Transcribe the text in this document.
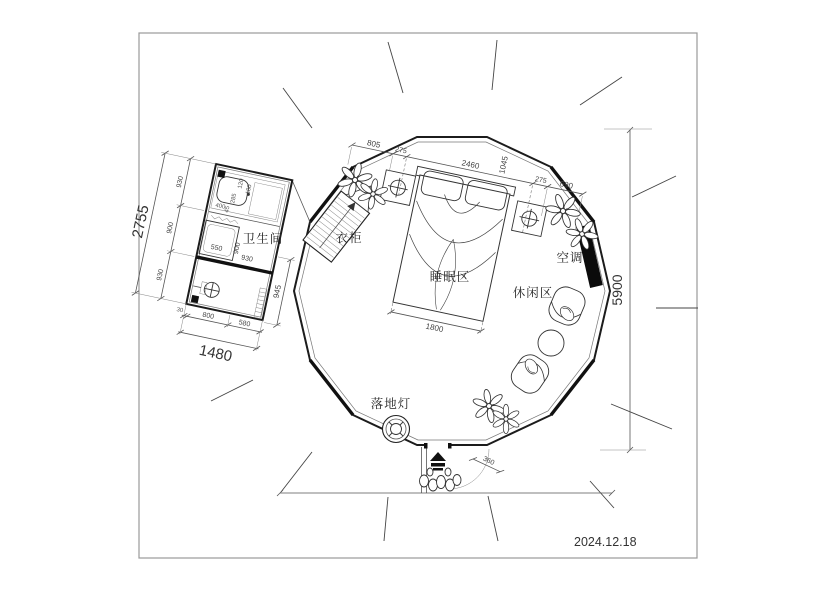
400
550
930
900
120
180
285
45
930
900
930
2755
30
800
580
1480
945
1800
805
275
2460 1045
275 690
5900
360
卫生间	衣柜
睡眠区
休闲区
空调
落地灯
2024.12.18
